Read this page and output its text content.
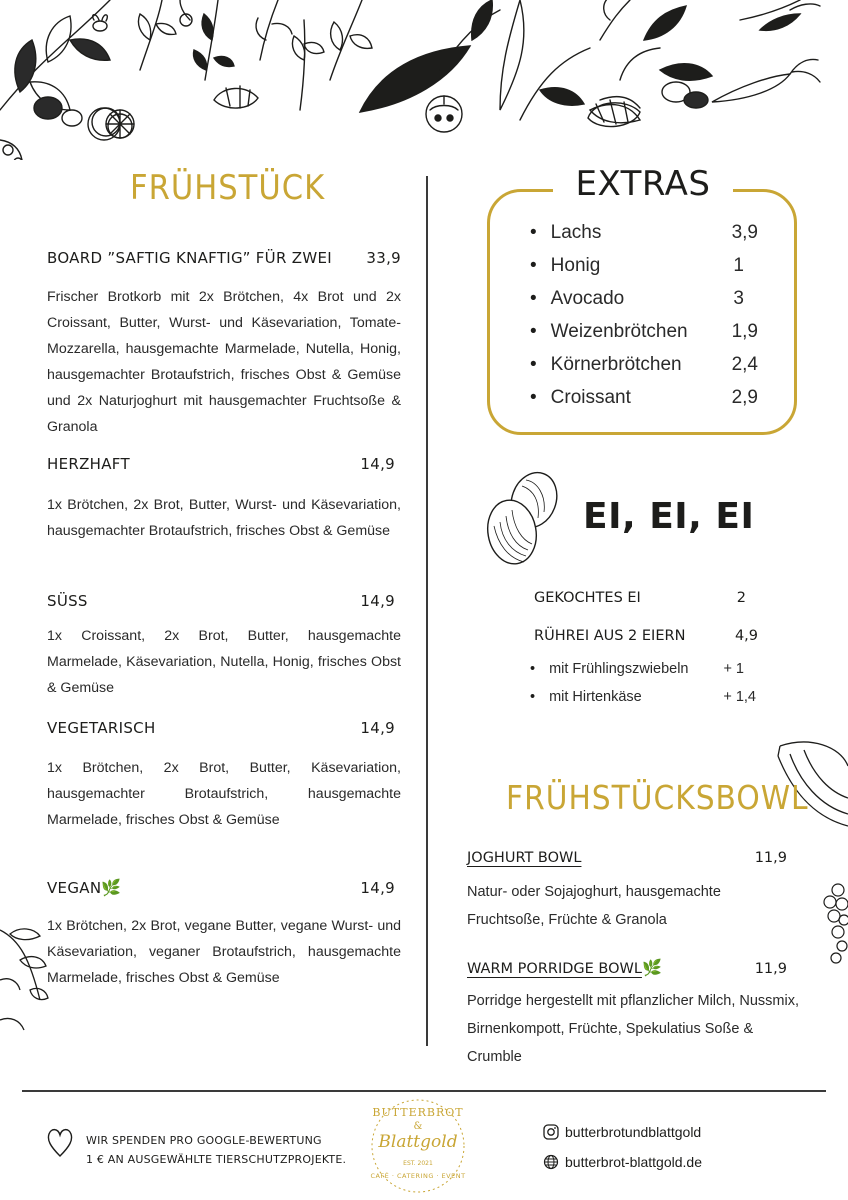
FRÜHSTÜCK
BOARD ”SAFTIG KNAFTIG” FÜR ZWEI 33,9

Frischer Brotkorb mit 2x Brötchen, 4x Brot und 2x Croissant, Butter, Wurst- und Käsevariation, Tomate-Mozzarella, hausgemachte Marmelade, Nutella, Honig, hausgemachter Brotaufstrich, frisches Obst & Gemüse und 2x Naturjoghurt mit hausgemachter Fruchtsoße & Granola

HERZHAFT	14,9

1x Brötchen, 2x Brot, Butter, Wurst- und Käsevariation, hausgemachter Brotaufstrich, frisches Obst & Gemüse

SÜSS	14,9

1x Croissant, 2x Brot, Butter, hausgemachte Marmelade, Käsevariation, Nutella, Honig, frisches Obst & Gemüse

VEGETARISCH	14,9

1x Brötchen, 2x Brot, Butter, Käsevariation, hausgemachter Brotaufstrich, hausgemachte Marmelade, frisches Obst & Gemüse

VEGAN🌿	14,9

1x Brötchen, 2x Brot, vegane Butter, vegane Wurst- und Käsevariation, veganer Brotaufstrich, hausgemachte Marmelade, frisches Obst & Gemüse

EXTRAS
• Lachs	3,9
• Honig	1
• Avocado	3
• Weizenbrötchen 1,9
• Körnerbrötchen	2,4
• Croissant	2,9
EI, EI, EI
GEKOCHTES EI	2
RÜHREI AUS 2 EIERN	4,9
• mit Frühlingszwiebeln + 1
• mit Hirtenkäse	+ 1,4
FRÜHSTÜCKSBOWL
JOGHURT BOWL	11,9

Natur- oder Sojajoghurt, hausgemachte Fruchtsoße, Früchte & Granola

WARM PORRIDGE BOWL🌿	11,9

Porridge hergestellt mit pflanzlicher Milch, Nussmix, Birnenkompott, Früchte, Spekulatius Soße & Crumble

WIR SPENDEN PRO GOOGLE-BEWERTUNG
1 € AN AUSGEWÄHLTE TIERSCHUTZPROJEKTE.
BUTTERBROT
&
Blattgold
EST. 2021
CAFÉ · CATERING · EVENT
butterbrotundblattgold
butterbrot-blattgold.de
